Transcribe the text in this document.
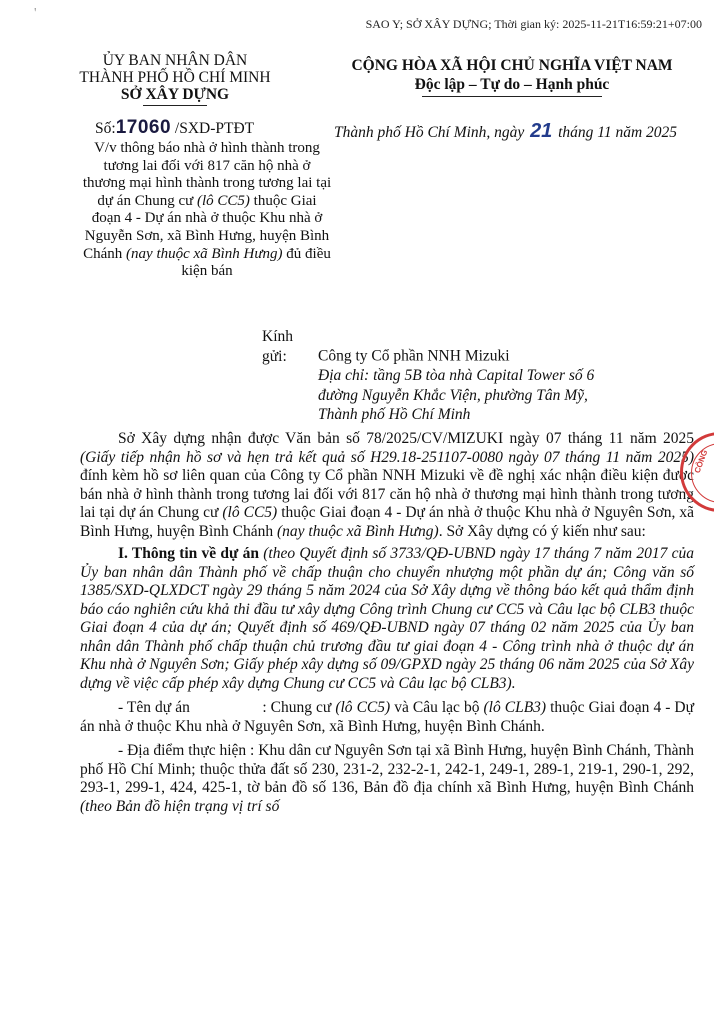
'
SAO Y; SỞ XÂY DỰNG; Thời gian ký: 2025-11-21T16:59:21+07:00
ỦY BAN NHÂN DÂN
THÀNH PHỐ HỒ CHÍ MINH
SỞ XÂY DỰNG
CỘNG HÒA XÃ HỘI CHỦ NGHĨA VIỆT NAM
Độc lập – Tự do – Hạnh phúc
Số:17060 /SXD-PTĐT	Thành phố Hồ Chí Minh, ngày 21 tháng 11 năm 2025
V/v thông báo nhà ở hình thành trong tương lai đối với 817 căn hộ nhà ở thương mại hình thành trong tương lai tại dự án Chung cư (lô CC5) thuộc Giai đoạn 4 - Dự án nhà ở thuộc Khu nhà ở Nguyễn Sơn, xã Bình Hưng, huyện Bình Chánh (nay thuộc xã Bình Hưng) đủ điều kiện bán
Kính gửi: Công ty Cổ phần NNH Mizuki
Địa chỉ: tầng 5B tòa nhà Capital Tower số 6
đường Nguyễn Khắc Viện, phường Tân Mỹ,
Thành phố Hồ Chí Minh

Sở Xây dựng nhận được Văn bản số 78/2025/CV/MIZUKI ngày 07 tháng 11 năm 2025 (Giấy tiếp nhận hồ sơ và hẹn trả kết quả số H29.18-251107-0080 ngày 07 tháng 11 năm 2025) đính kèm hồ sơ liên quan của Công ty Cổ phần NNH Mizuki về đề nghị xác nhận điều kiện được bán nhà ở hình thành trong tương lai đối với 817 căn hộ nhà ở thương mại hình thành trong tương lai tại dự án Chung cư (lô CC5) thuộc Giai đoạn 4 - Dự án nhà ở thuộc Khu nhà ở Nguyên Sơn, xã Bình Hưng, huyện Bình Chánh (nay thuộc xã Bình Hưng). Sở Xây dựng có ý kiến như sau:

I. Thông tin về dự án (theo Quyết định số 3733/QĐ-UBND ngày 17 tháng 7 năm 2017 của Ủy ban nhân dân Thành phố về chấp thuận cho chuyển nhượng một phần dự án; Công văn số 1385/SXD-QLXDCT ngày 29 tháng 5 năm 2024 của Sở Xây dựng về thông báo kết quả thẩm định báo cáo nghiên cứu khả thi đầu tư xây dựng Công trình Chung cư CC5 và Câu lạc bộ CLB3 thuộc Giai đoạn 4 của dự án; Quyết định số 469/QĐ-UBND ngày 07 tháng 02 năm 2025 của Ủy ban nhân dân Thành phố chấp thuận chủ trương đầu tư giai đoạn 4 - Công trình nhà ở thuộc dự án Khu nhà ở Nguyên Sơn; Giấy phép xây dựng số 09/GPXD ngày 25 tháng 06 năm 2025 của Sở Xây dựng về việc cấp phép xây dựng Chung cư CC5 và Câu lạc bộ CLB3).

- Tên dự án                  : Chung cư (lô CC5) và Câu lạc bộ (lô CLB3) thuộc Giai đoạn 4 - Dự án nhà ở thuộc Khu nhà ở Nguyên Sơn, xã Bình Hưng, huyện Bình Chánh.

- Địa điểm thực hiện : Khu dân cư Nguyên Sơn tại xã Bình Hưng, huyện Bình Chánh, Thành phố Hồ Chí Minh; thuộc thửa đất số 230, 231-2, 232-2-1, 242-1, 249-1, 289-1, 219-1, 290-1, 292, 293-1, 299-1, 424, 425-1, tờ bản đồ số 136, Bản đồ địa chính xã Bình Hưng, huyện Bình Chánh (theo Bản đồ hiện trạng vị trí số

CÔNG
